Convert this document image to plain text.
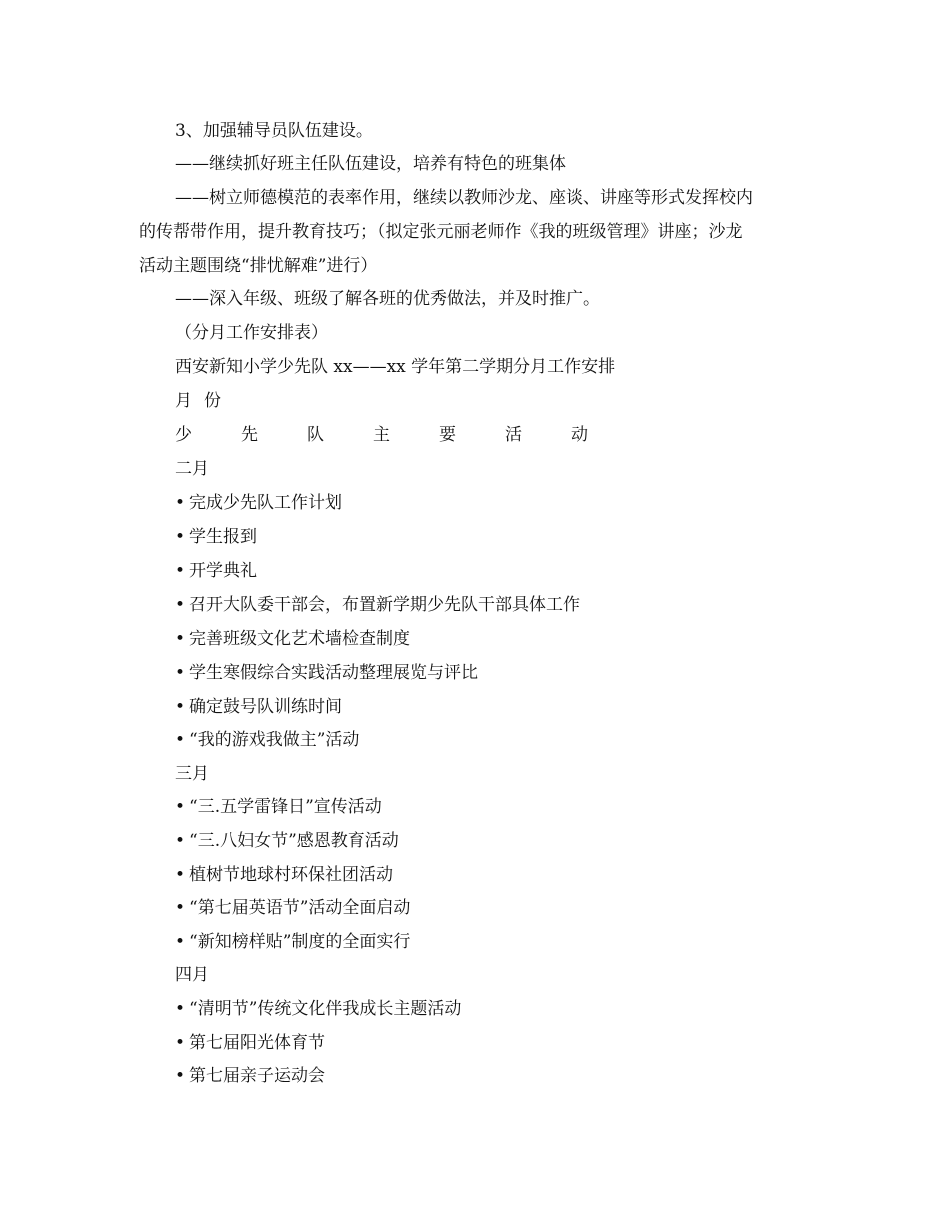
3、加强辅导员队伍建设。
——继续抓好班主任队伍建设，培养有特色的班集体
——树立师德模范的表率作用，继续以教师沙龙、座谈、讲座等形式发挥校内
的传帮带作用，提升教育技巧；（拟定张元丽老师作《我的班级管理》讲座；沙龙
活动主题围绕“排忧解难”进行）
——深入年级、班级了解各班的优秀做法，并及时推广。
（分月工作安排表）
西安新知小学少先队 xx——xx 学年第二学期分月工作安排
月 份
少	先	队	主	要	活	动
二月
• 完成少先队工作计划
• 学生报到
• 开学典礼
• 召开大队委干部会，布置新学期少先队干部具体工作
• 完善班级文化艺术墙检查制度
• 学生寒假综合实践活动整理展览与评比
• 确定鼓号队训练时间
• “我的游戏我做主”活动
三月
• “三.五学雷锋日”宣传活动
• “三.八妇女节”感恩教育活动
• 植树节地球村环保社团活动
• “第七届英语节”活动全面启动
• “新知榜样贴”制度的全面实行
四月
• “清明节”传统文化伴我成长主题活动
• 第七届阳光体育节
• 第七届亲子运动会
